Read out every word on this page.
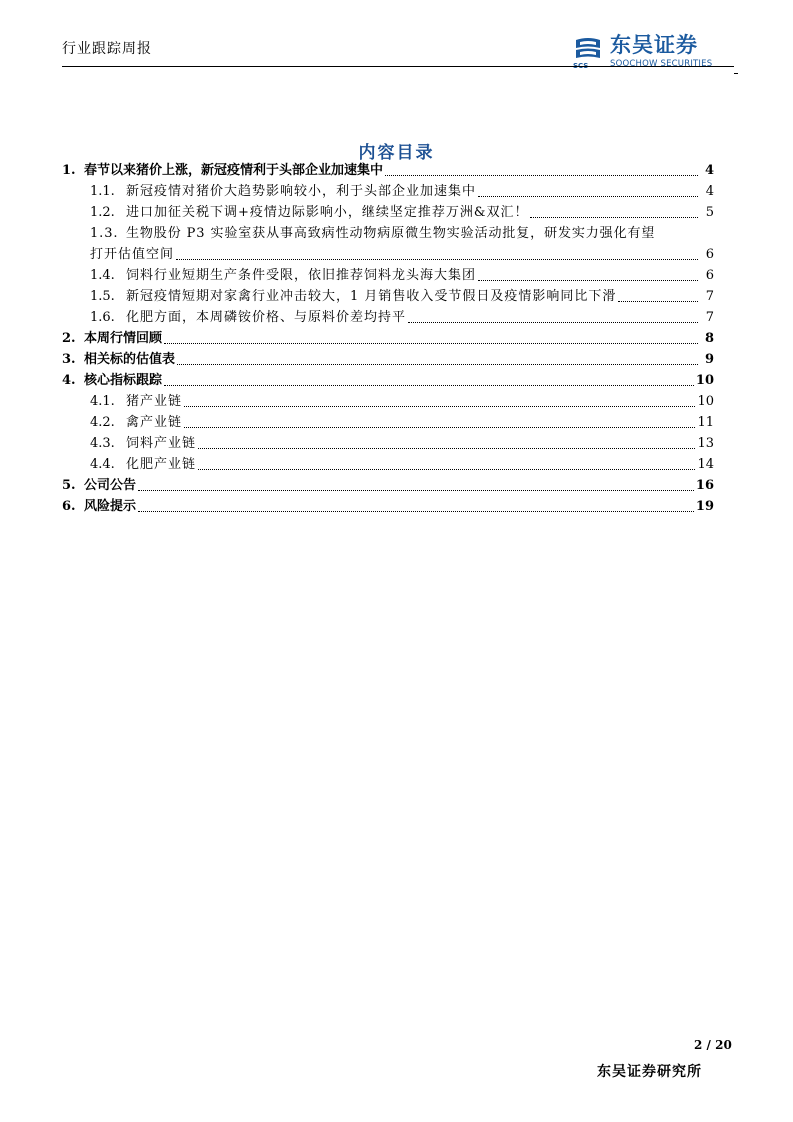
行业跟踪周报
SCS
东吴证券
SOOCHOW SECURITIES
内容目录
1. 春节以来猪价上涨，新冠疫情利于头部企业加速集中	4
1.1. 新冠疫情对猪价大趋势影响较小，利于头部企业加速集中	4
1.2. 进口加征关税下调+疫情边际影响小，继续坚定推荐万洲&双汇！	5
1.3. 生物股份 P3 实验室获从事高致病性动物病原微生物实验活动批复，研发实力强化有望
打开估值空间	6
1.4. 饲料行业短期生产条件受限，依旧推荐饲料龙头海大集团	6
1.5. 新冠疫情短期对家禽行业冲击较大，1 月销售收入受节假日及疫情影响同比下滑	7
1.6. 化肥方面，本周磷铵价格、与原料价差均持平	7
2. 本周行情回顾	8
3. 相关标的估值表	9
4. 核心指标跟踪	10
4.1. 猪产业链	10
4.2. 禽产业链	11
4.3. 饲料产业链	13
4.4. 化肥产业链	14
5. 公司公告	16
6. 风险提示	19
2 / 20
东吴证券研究所
